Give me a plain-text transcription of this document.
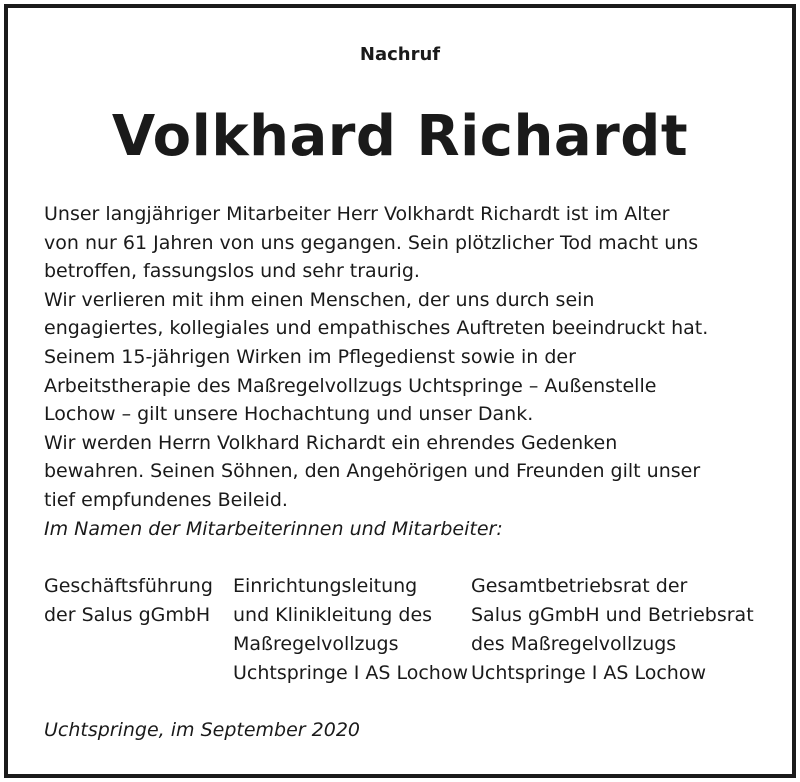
Nachruf
Volkhard Richardt

Unser langjähriger Mitarbeiter Herr Volkhardt Richardt ist im Alter

von nur 61 Jahren von uns gegangen. Sein plötzlicher Tod macht uns

betroffen, fassungslos und sehr traurig.

Wir verlieren mit ihm einen Menschen, der uns durch sein

engagiertes, kollegiales und empathisches Auftreten beeindruckt hat.

Seinem 15-jährigen Wirken im Pflegedienst sowie in der

Arbeitstherapie des Maßregelvollzugs Uchtspringe – Außenstelle

Lochow – gilt unsere Hochachtung und unser Dank.

Wir werden Herrn Volkhard Richardt ein ehrendes Gedenken

bewahren. Seinen Söhnen, den Angehörigen und Freunden gilt unser

tief empfundenes Beileid.

Im Namen der Mitarbeiterinnen und Mitarbeiter:

Geschäftsführung

der Salus gGmbH

Einrichtungsleitung

und Klinikleitung des

Maßregelvollzugs

Uchtspringe I AS Lochow

Gesamtbetriebsrat der

Salus gGmbH und Betriebsrat

des Maßregelvollzugs

Uchtspringe I AS Lochow

Uchtspringe, im September 2020
